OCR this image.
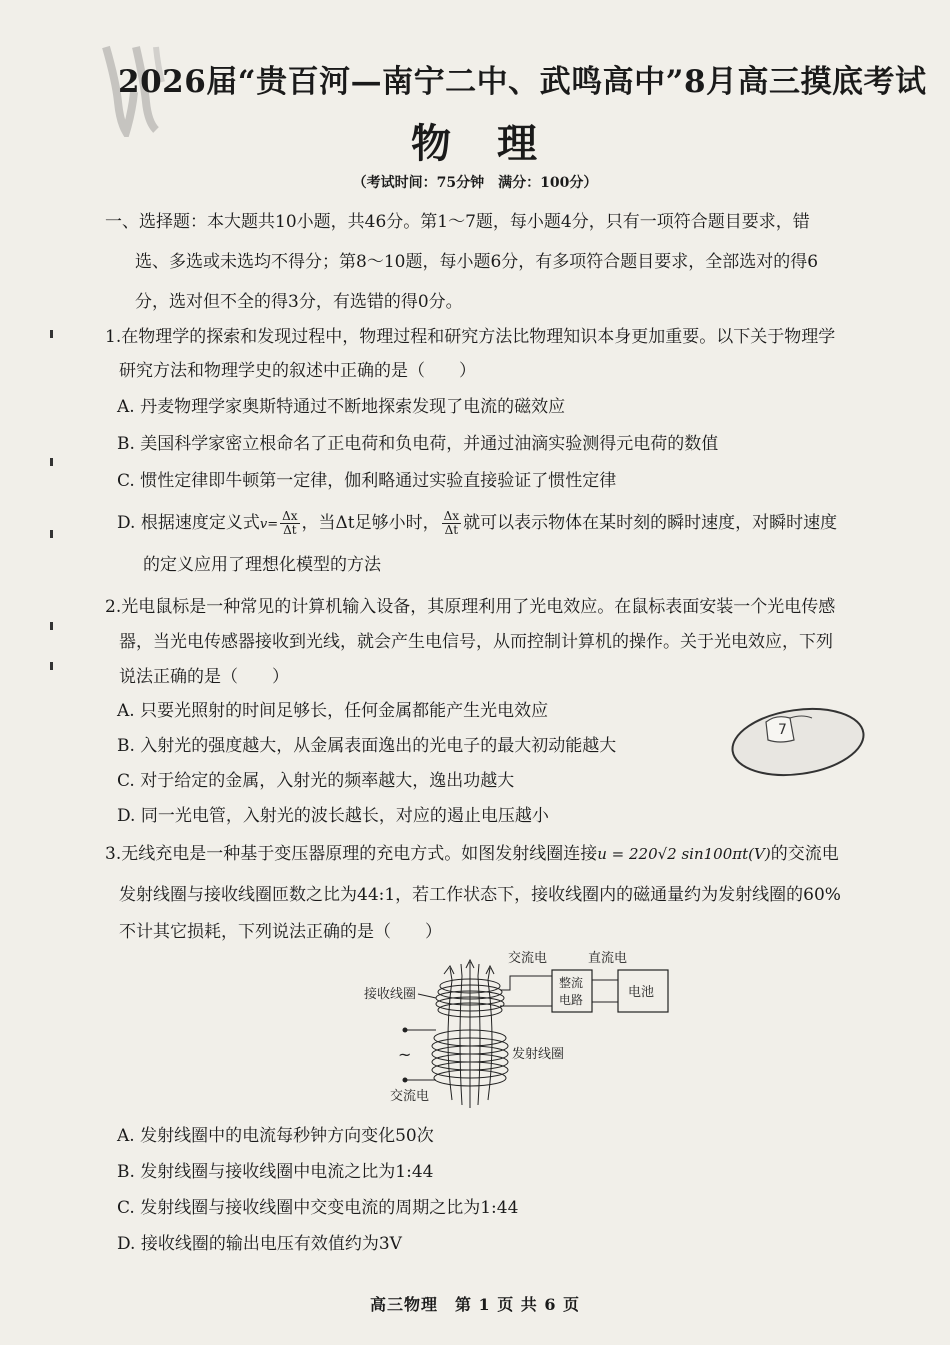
2026届“贵百河—南宁二中、武鸣高中”8月高三摸底考试
物 理
（考试时间：75分钟　满分：100分）
一、选择题：本大题共10小题，共46分。第1～7题，每小题4分，只有一项符合题目要求，错
选、多选或未选均不得分；第8～10题，每小题6分，有多项符合题目要求，全部选对的得6
分，选对但不全的得3分，有选错的得0分。
1.在物理学的探索和发现过程中，物理过程和研究方法比物理知识本身更加重要。以下关于物理学
研究方法和物理学史的叙述中正确的是（　　）
A. 丹麦物理学家奥斯特通过不断地探索发现了电流的磁效应
B. 美国科学家密立根命名了正电荷和负电荷，并通过油滴实验测得元电荷的数值
C. 惯性定律即牛顿第一定律，伽利略通过实验直接验证了惯性定律
D. 根据速度定义式$v= \frac{\Delta x}{\Delta t}$ ，当Δt足够小时， $\frac{\Delta x}{\Delta t}$ 就可以表示物体在某时刻的瞬时速度，对瞬时速度
的定义应用了理想化模型的方法
2.光电鼠标是一种常见的计算机输入设备，其原理利用了光电效应。在鼠标表面安装一个光电传感
器，当光电传感器接收到光线，就会产生电信号，从而控制计算机的操作。关于光电效应，下列
说法正确的是（　　）
A. 只要光照射的时间足够长，任何金属都能产生光电效应
B. 入射光的强度越大，从金属表面逸出的光电子的最大初动能越大
C. 对于给定的金属，入射光的频率越大，逸出功越大
D. 同一光电管，入射光的波长越长，对应的遏止电压越小
7
3.无线充电是一种基于变压器原理的充电方式。如图发射线圈连接u = 220√2 sin100πt(V)的交流电
发射线圈与接收线圈匝数之比为44:1，若工作状态下，接收线圈内的磁通量约为发射线圈的60%
不计其它损耗，下列说法正确的是（　　）
交流电	直流电
接收线圈
~
交流电
发射线圈
整流
电路	电池
A. 发射线圈中的电流每秒钟方向变化50次
B. 发射线圈与接收线圈中电流之比为1:44
C. 发射线圈与接收线圈中交变电流的周期之比为1:44
D. 接收线圈的输出电压有效值约为3V
高三物理　第 1 页 共 6 页
